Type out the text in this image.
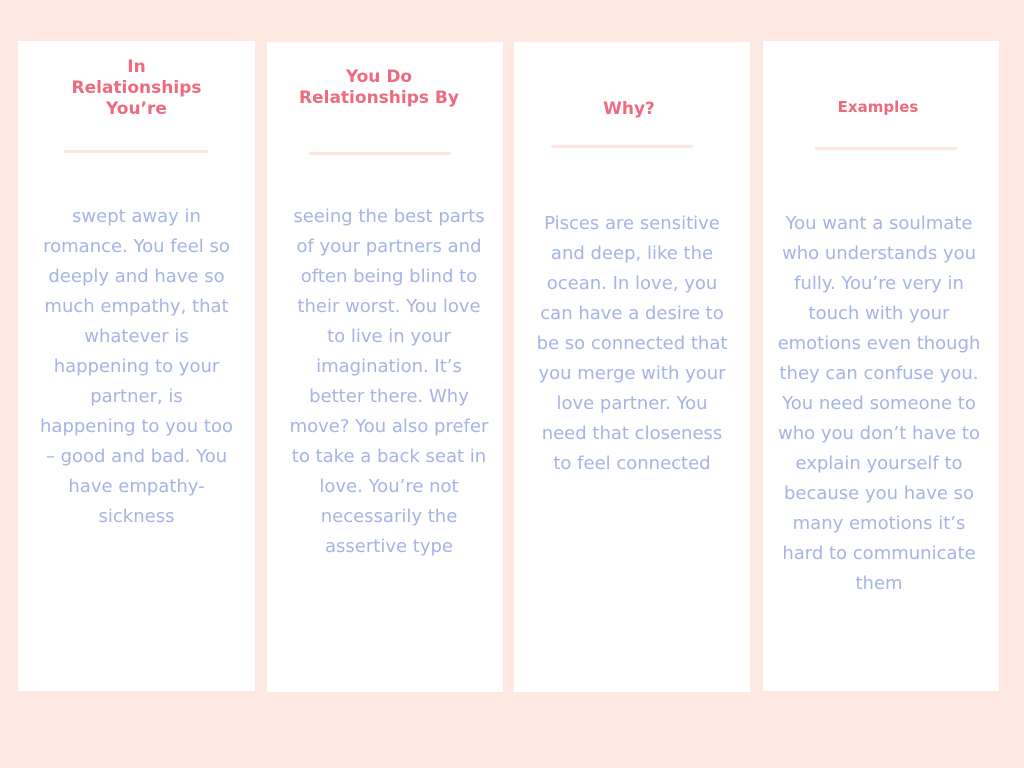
In
Relationships
You’re

swept away in romance. You feel so deeply and have so much empathy, that whatever is happening to your partner, is happening to you too – good and bad. You have empathy-sickness

You Do
Relationships By

seeing the best parts of your partners and often being blind to their worst. You love to live in your imagination. It’s better there. Why move? You also prefer to take a back seat in love. You’re not necessarily the assertive type

Why?

Pisces are sensitive and deep, like the ocean. In love, you can have a desire to be so connected that you merge with your love partner. You need that closeness to feel connected

Examples

You want a soulmate who understands you fully. You’re very in touch with your emotions even though they can confuse you. You need someone to who you don’t have to explain yourself to because you have so many emotions it’s hard to communicate them
